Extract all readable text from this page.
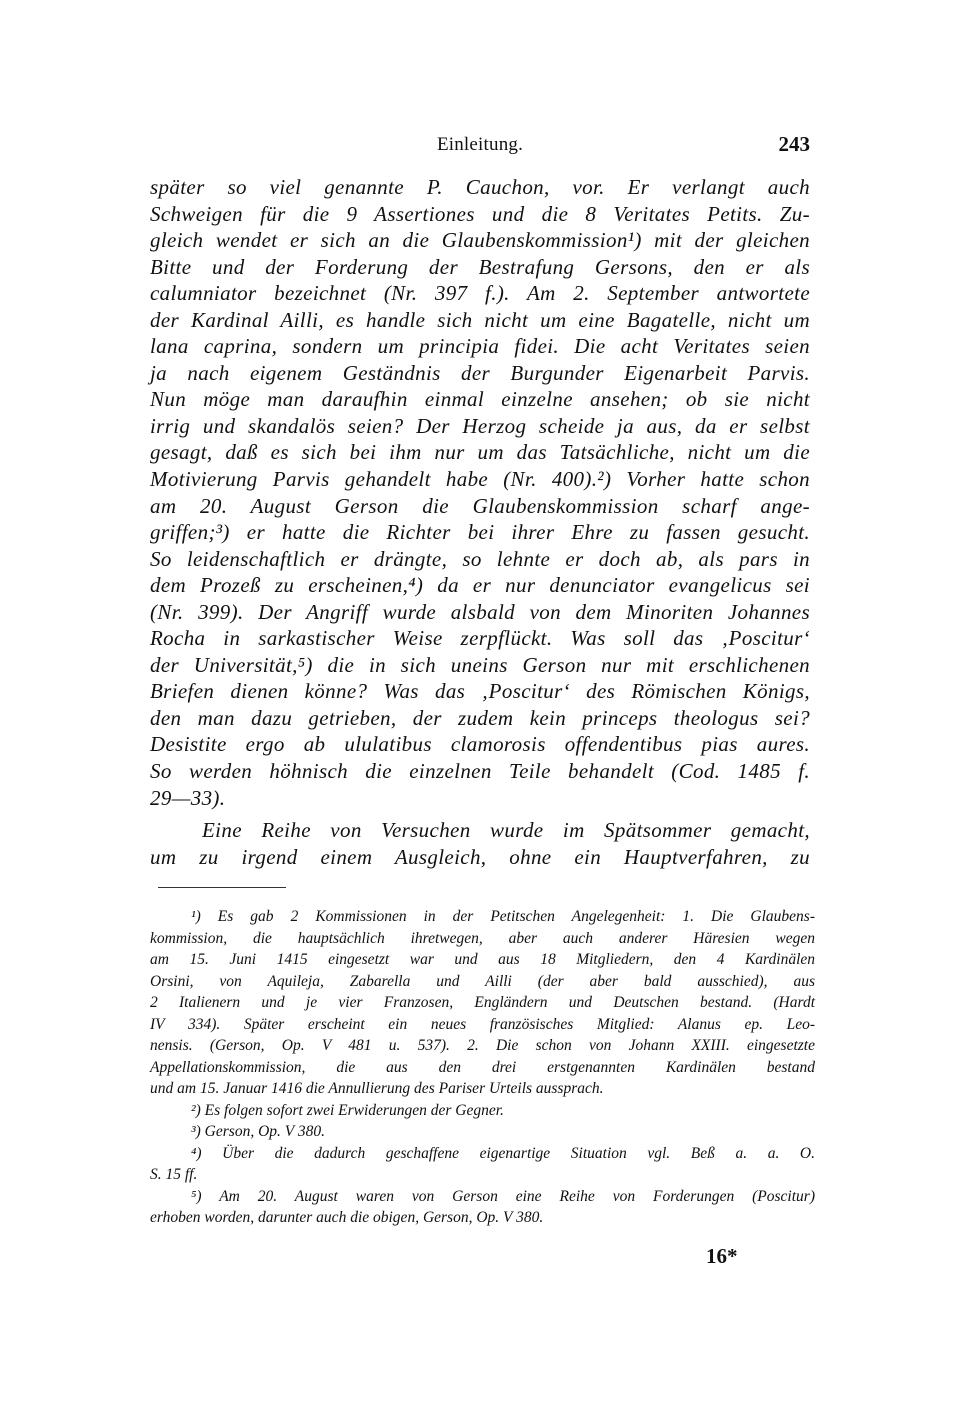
Einleitung.	243
später so viel genannte P. Cauchon, vor. Er verlangt auch
Schweigen für die 9 Assertiones und die 8 Veritates Petits. Zu-
gleich wendet er sich an die Glaubenskommission¹) mit der gleichen
Bitte und der Forderung der Bestrafung Gersons, den er als
calumniator bezeichnet (Nr. 397 f.). Am 2. September antwortete
der Kardinal Ailli, es handle sich nicht um eine Bagatelle, nicht um
lana caprina, sondern um principia fidei. Die acht Veritates seien
ja nach eigenem Geständnis der Burgunder Eigenarbeit Parvis.
Nun möge man daraufhin einmal einzelne ansehen; ob sie nicht
irrig und skandalös seien? Der Herzog scheide ja aus, da er selbst
gesagt, daß es sich bei ihm nur um das Tatsächliche, nicht um die
Motivierung Parvis gehandelt habe (Nr. 400).²) Vorher hatte schon
am 20. August Gerson die Glaubenskommission scharf ange-
griffen;³) er hatte die Richter bei ihrer Ehre zu fassen gesucht.
So leidenschaftlich er drängte, so lehnte er doch ab, als pars in
dem Prozeß zu erscheinen,⁴) da er nur denunciator evangelicus sei
(Nr. 399). Der Angriff wurde alsbald von dem Minoriten Johannes
Rocha in sarkastischer Weise zerpflückt. Was soll das ‚Poscitur‘
der Universität,⁵) die in sich uneins Gerson nur mit erschlichenen
Briefen dienen könne? Was das ‚Poscitur‘ des Römischen Königs,
den man dazu getrieben, der zudem kein princeps theologus sei?
Desistite ergo ab ululatibus clamorosis offendentibus pias aures.
So werden höhnisch die einzelnen Teile behandelt (Cod. 1485 f.
29—33).
Eine Reihe von Versuchen wurde im Spätsommer gemacht,
um zu irgend einem Ausgleich, ohne ein Hauptverfahren, zu
¹) Es gab 2 Kommissionen in der Petitschen Angelegenheit: 1. Die Glaubens-
kommission, die hauptsächlich ihretwegen, aber auch anderer Häresien wegen
am 15. Juni 1415 eingesetzt war und aus 18 Mitgliedern, den 4 Kardinälen
Orsini, von Aquileja, Zabarella und Ailli (der aber bald ausschied), aus
2 Italienern und je vier Franzosen, Engländern und Deutschen bestand. (Hardt
IV 334). Später erscheint ein neues französisches Mitglied: Alanus ep. Leo-
nensis. (Gerson, Op. V 481 u. 537). 2. Die schon von Johann XXIII. eingesetzte
Appellationskommission, die aus den drei erstgenannten Kardinälen bestand
und am 15. Januar 1416 die Annullierung des Pariser Urteils aussprach.
²) Es folgen sofort zwei Erwiderungen der Gegner.
³) Gerson, Op. V 380.
⁴) Über die dadurch geschaffene eigenartige Situation vgl. Beß a. a. O.
S. 15 ff.
⁵) Am 20. August waren von Gerson eine Reihe von Forderungen (Poscitur)
erhoben worden, darunter auch die obigen, Gerson, Op. V 380.
16*
